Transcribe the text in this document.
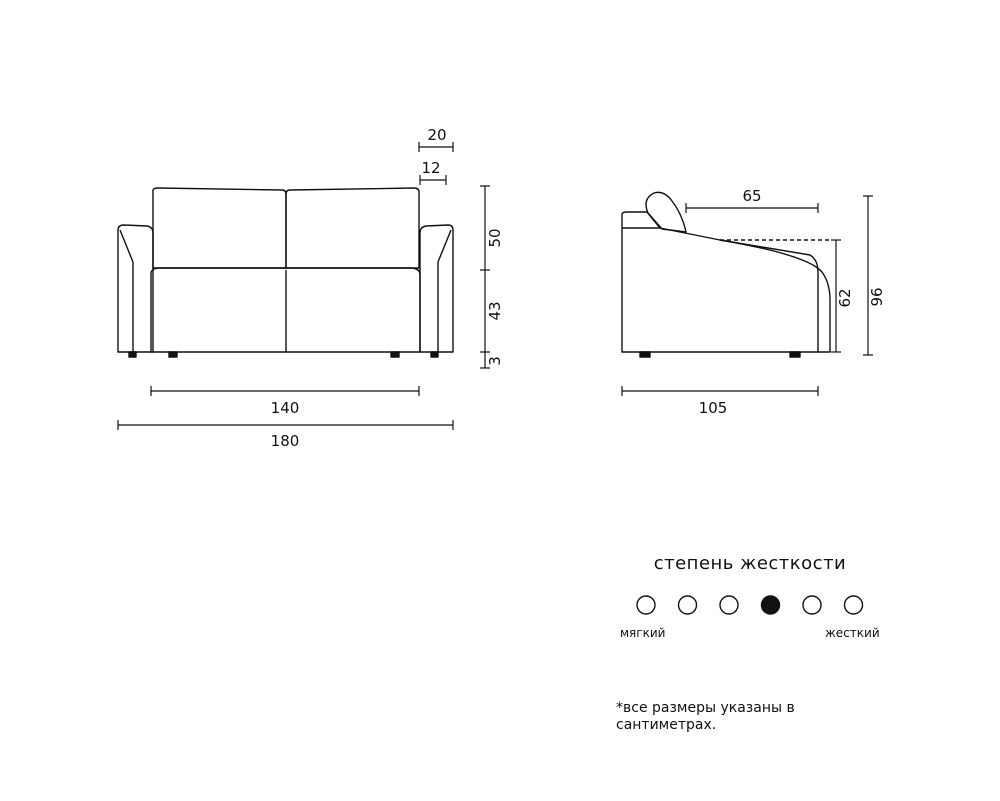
140
180
20
12
50
43
3
105
65
62 96
степень жесткости
мягкий	жесткий
*все размеры указаны в сантиметрах.
